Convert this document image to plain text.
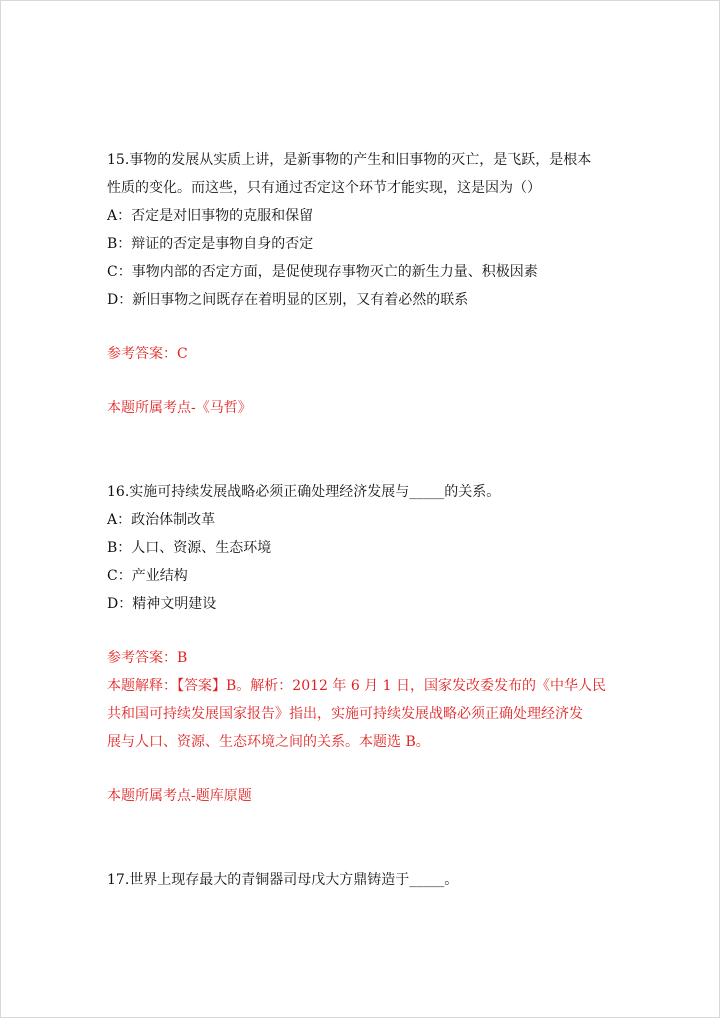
15.事物的发展从实质上讲，是新事物的产生和旧事物的灭亡，是飞跃，是根本

性质的变化。而这些，只有通过否定这个环节才能实现，这是因为（）

A：否定是对旧事物的克服和保留

B：辩证的否定是事物自身的否定

C：事物内部的否定方面，是促使现存事物灭亡的新生力量、积极因素

D：新旧事物之间既存在着明显的区别，又有着必然的联系

参考答案：C

本题所属考点-《马哲》

16.实施可持续发展战略必须正确处理经济发展与_____的关系。

A：政治体制改革

B：人口、资源、生态环境

C：产业结构

D：精神文明建设

参考答案：B

本题解释：【答案】B。解析：2012 年 6 月 1 日，国家发改委发布的《中华人民

共和国可持续发展国家报告》指出，实施可持续发展战略必须正确处理经济发

展与人口、资源、生态环境之间的关系。本题选 B。

本题所属考点-题库原题

17.世界上现存最大的青铜器司母戊大方鼎铸造于_____。
